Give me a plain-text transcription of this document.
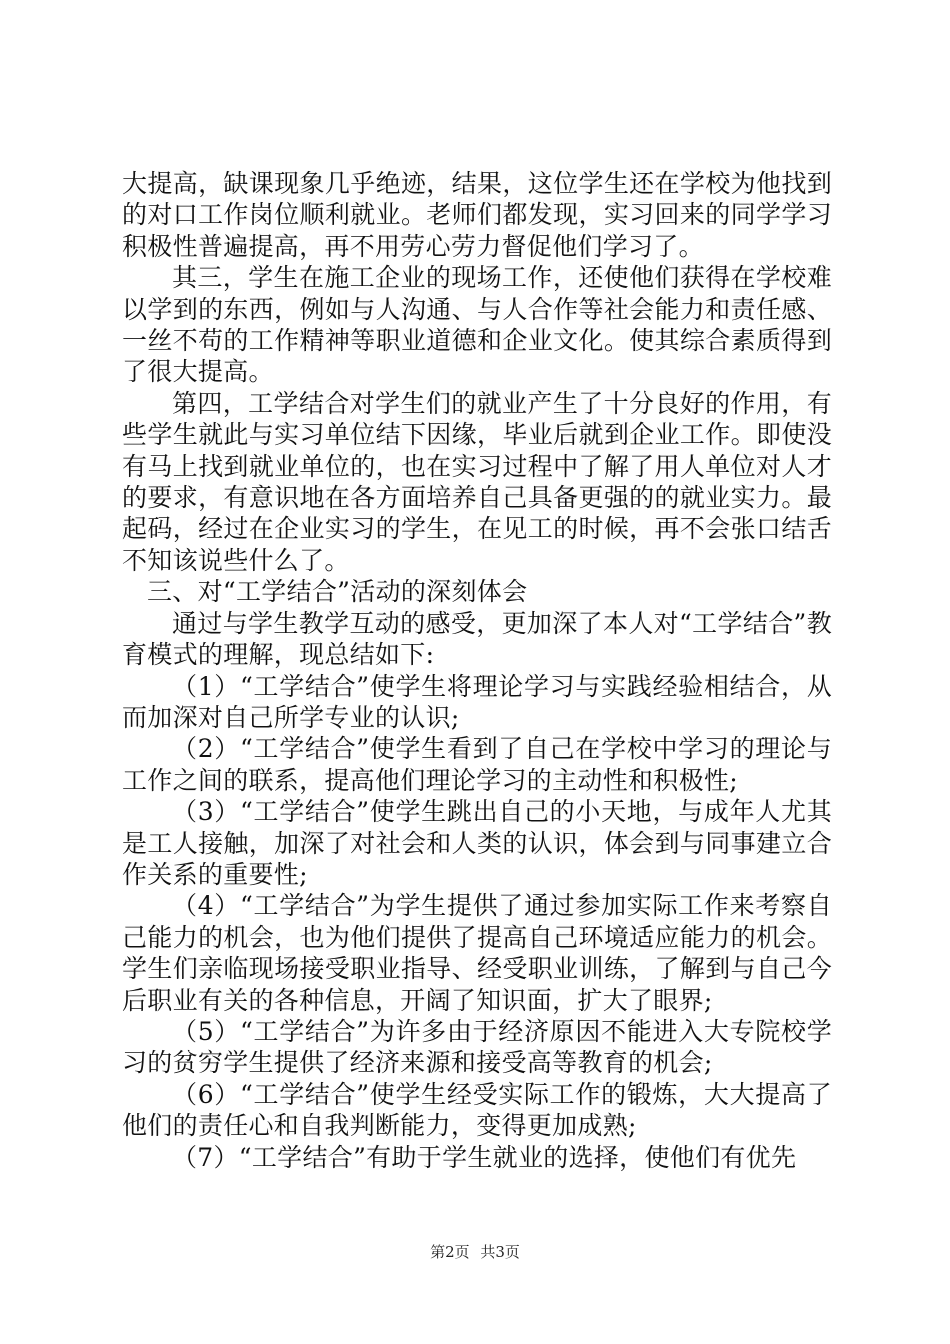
大提高，缺课现象几乎绝迹，结果，这位学生还在学校为他找到的对口工作岗位顺利就业。老师们都发现，实习回来的同学学习积极性普遍提高，再不用劳心劳力督促他们学习了。

其三，学生在施工企业的现场工作，还使他们获得在学校难以学到的东西，例如与人沟通、与人合作等社会能力和责任感、一丝不苟的工作精神等职业道德和企业文化。使其综合素质得到了很大提高。

第四，工学结合对学生们的就业产生了十分良好的作用，有些学生就此与实习单位结下因缘，毕业后就到企业工作。即使没有马上找到就业单位的，也在实习过程中了解了用人单位对人才的要求，有意识地在各方面培养自己具备更强的的就业实力。最起码，经过在企业实习的学生，在见工的时候，再不会张口结舌不知该说些什么了。

三、对“工学结合”活动的深刻体会

通过与学生教学互动的感受，更加深了本人对“工学结合”教育模式的理解，现总结如下:

（1）“工学结合”使学生将理论学习与实践经验相结合，从而加深对自己所学专业的认识;

（2）“工学结合”使学生看到了自己在学校中学习的理论与工作之间的联系，提高他们理论学习的主动性和积极性;

（3）“工学结合”使学生跳出自己的小天地，与成年人尤其是工人接触，加深了对社会和人类的认识，体会到与同事建立合作关系的重要性;

（4）“工学结合”为学生提供了通过参加实际工作来考察自己能力的机会，也为他们提供了提高自己环境适应能力的机会。学生们亲临现场接受职业指导、经受职业训练，了解到与自己今后职业有关的各种信息，开阔了知识面，扩大了眼界;

（5）“工学结合”为许多由于经济原因不能进入大专院校学习的贫穷学生提供了经济来源和接受高等教育的机会;

（6）“工学结合”使学生经受实际工作的锻炼，大大提高了他们的责任心和自我判断能力，变得更加成熟;

（7）“工学结合”有助于学生就业的选择，使他们有优先

第2页 共3页
